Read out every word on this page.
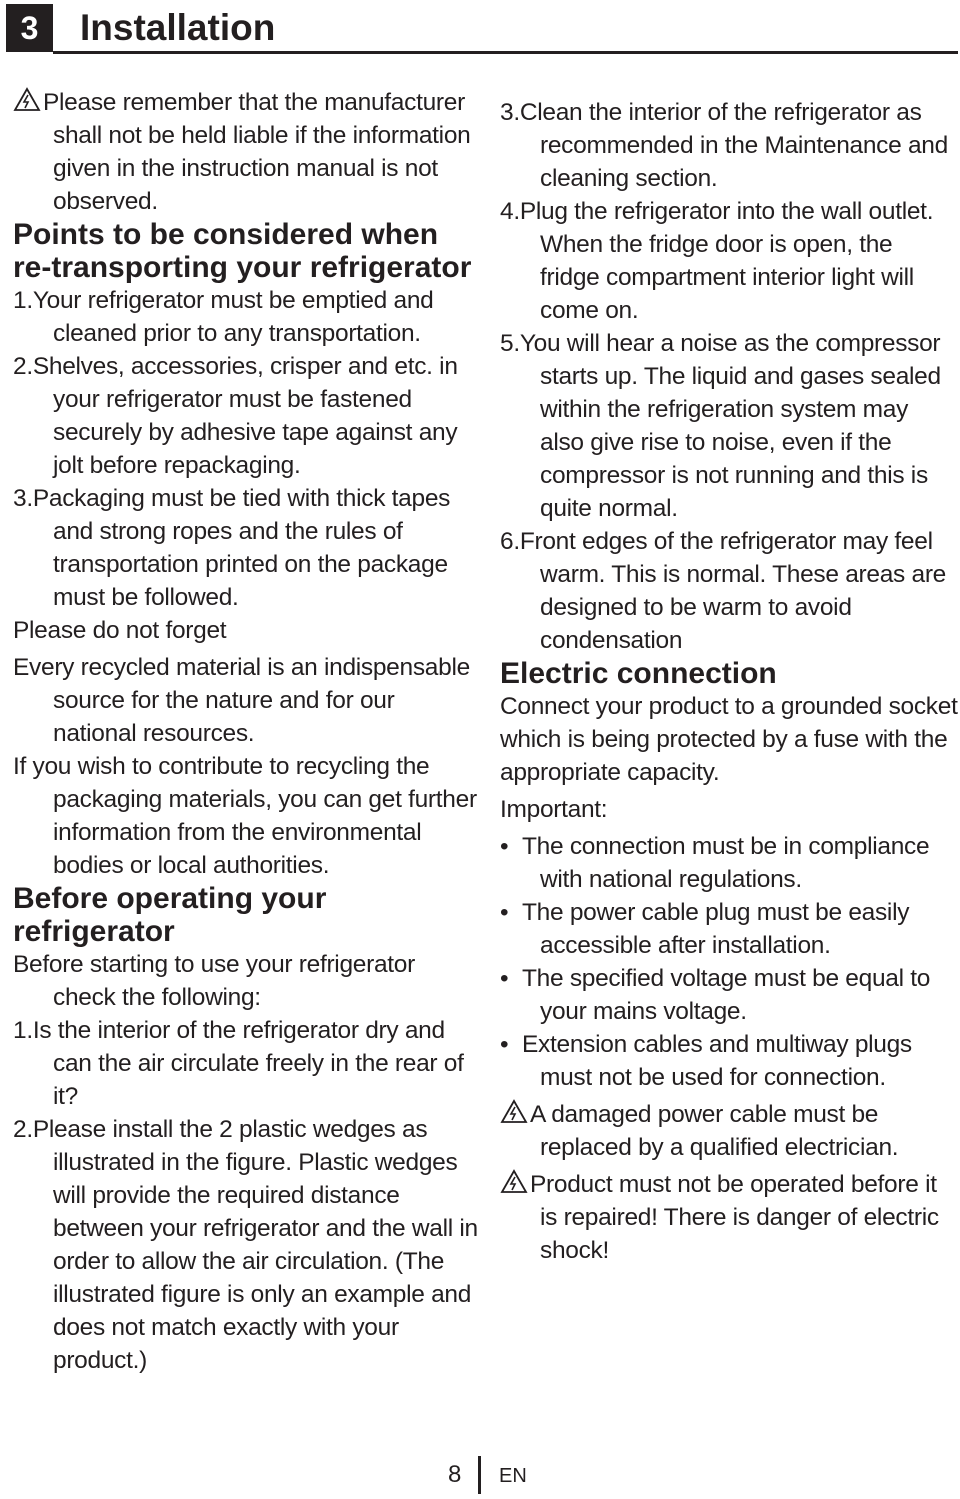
3	Installation

Please remember that the manufacturer shall not be held liable if the information given in the instruction manual is not observed.

Points to be considered when re-transporting your refrigerator

1.Your refrigerator must be emptied and cleaned prior to any transportation.

2.Shelves, accessories, crisper and etc. in your refrigerator must be fastened securely by adhesive tape against any jolt before repackaging.

3.Packaging must be tied with thick tapes and strong ropes and the rules of transportation printed on the package must be followed.

Please do not forget

Every recycled material is an indispensable source for the nature and for our national resources.

If you wish to contribute to recycling the packaging materials, you can get further information from the environmental bodies or local authorities.

Before operating your refrigerator

Before starting to use your refrigerator check the following:

1.Is the interior of the refrigerator dry and can the air circulate freely in the rear of it?

2.Please install the 2 plastic wedges as illustrated in the figure. Plastic wedges will provide the required distance between your refrigerator and the wall in order to allow the air circulation. (The illustrated figure is only an example and does not match exactly with your product.)

3.Clean the interior of the refrigerator as recommended in the Maintenance and cleaning section.

4.Plug the refrigerator into the wall outlet. When the fridge door is open, the fridge compartment interior light will come on.

5.You will hear a noise as the compressor starts up. The liquid and gases sealed within the refrigeration system may also give rise to noise, even if the compressor is not running and this is quite normal.

6.Front edges of the refrigerator may feel warm. This is normal. These areas are designed to be warm to avoid condensation

Electric connection

Connect your product to a grounded socket which is being protected by a fuse with the appropriate capacity.

Important:

• The connection must be in compliance with national regulations.

• The power cable plug must be easily accessible after installation.

• The specified voltage must be equal to your mains voltage.

• Extension cables and multiway plugs must not be used for connection.

A damaged power cable must be replaced by a qualified electrician.

Product must not be operated before it is repaired! There is danger of electric shock!

8 EN
